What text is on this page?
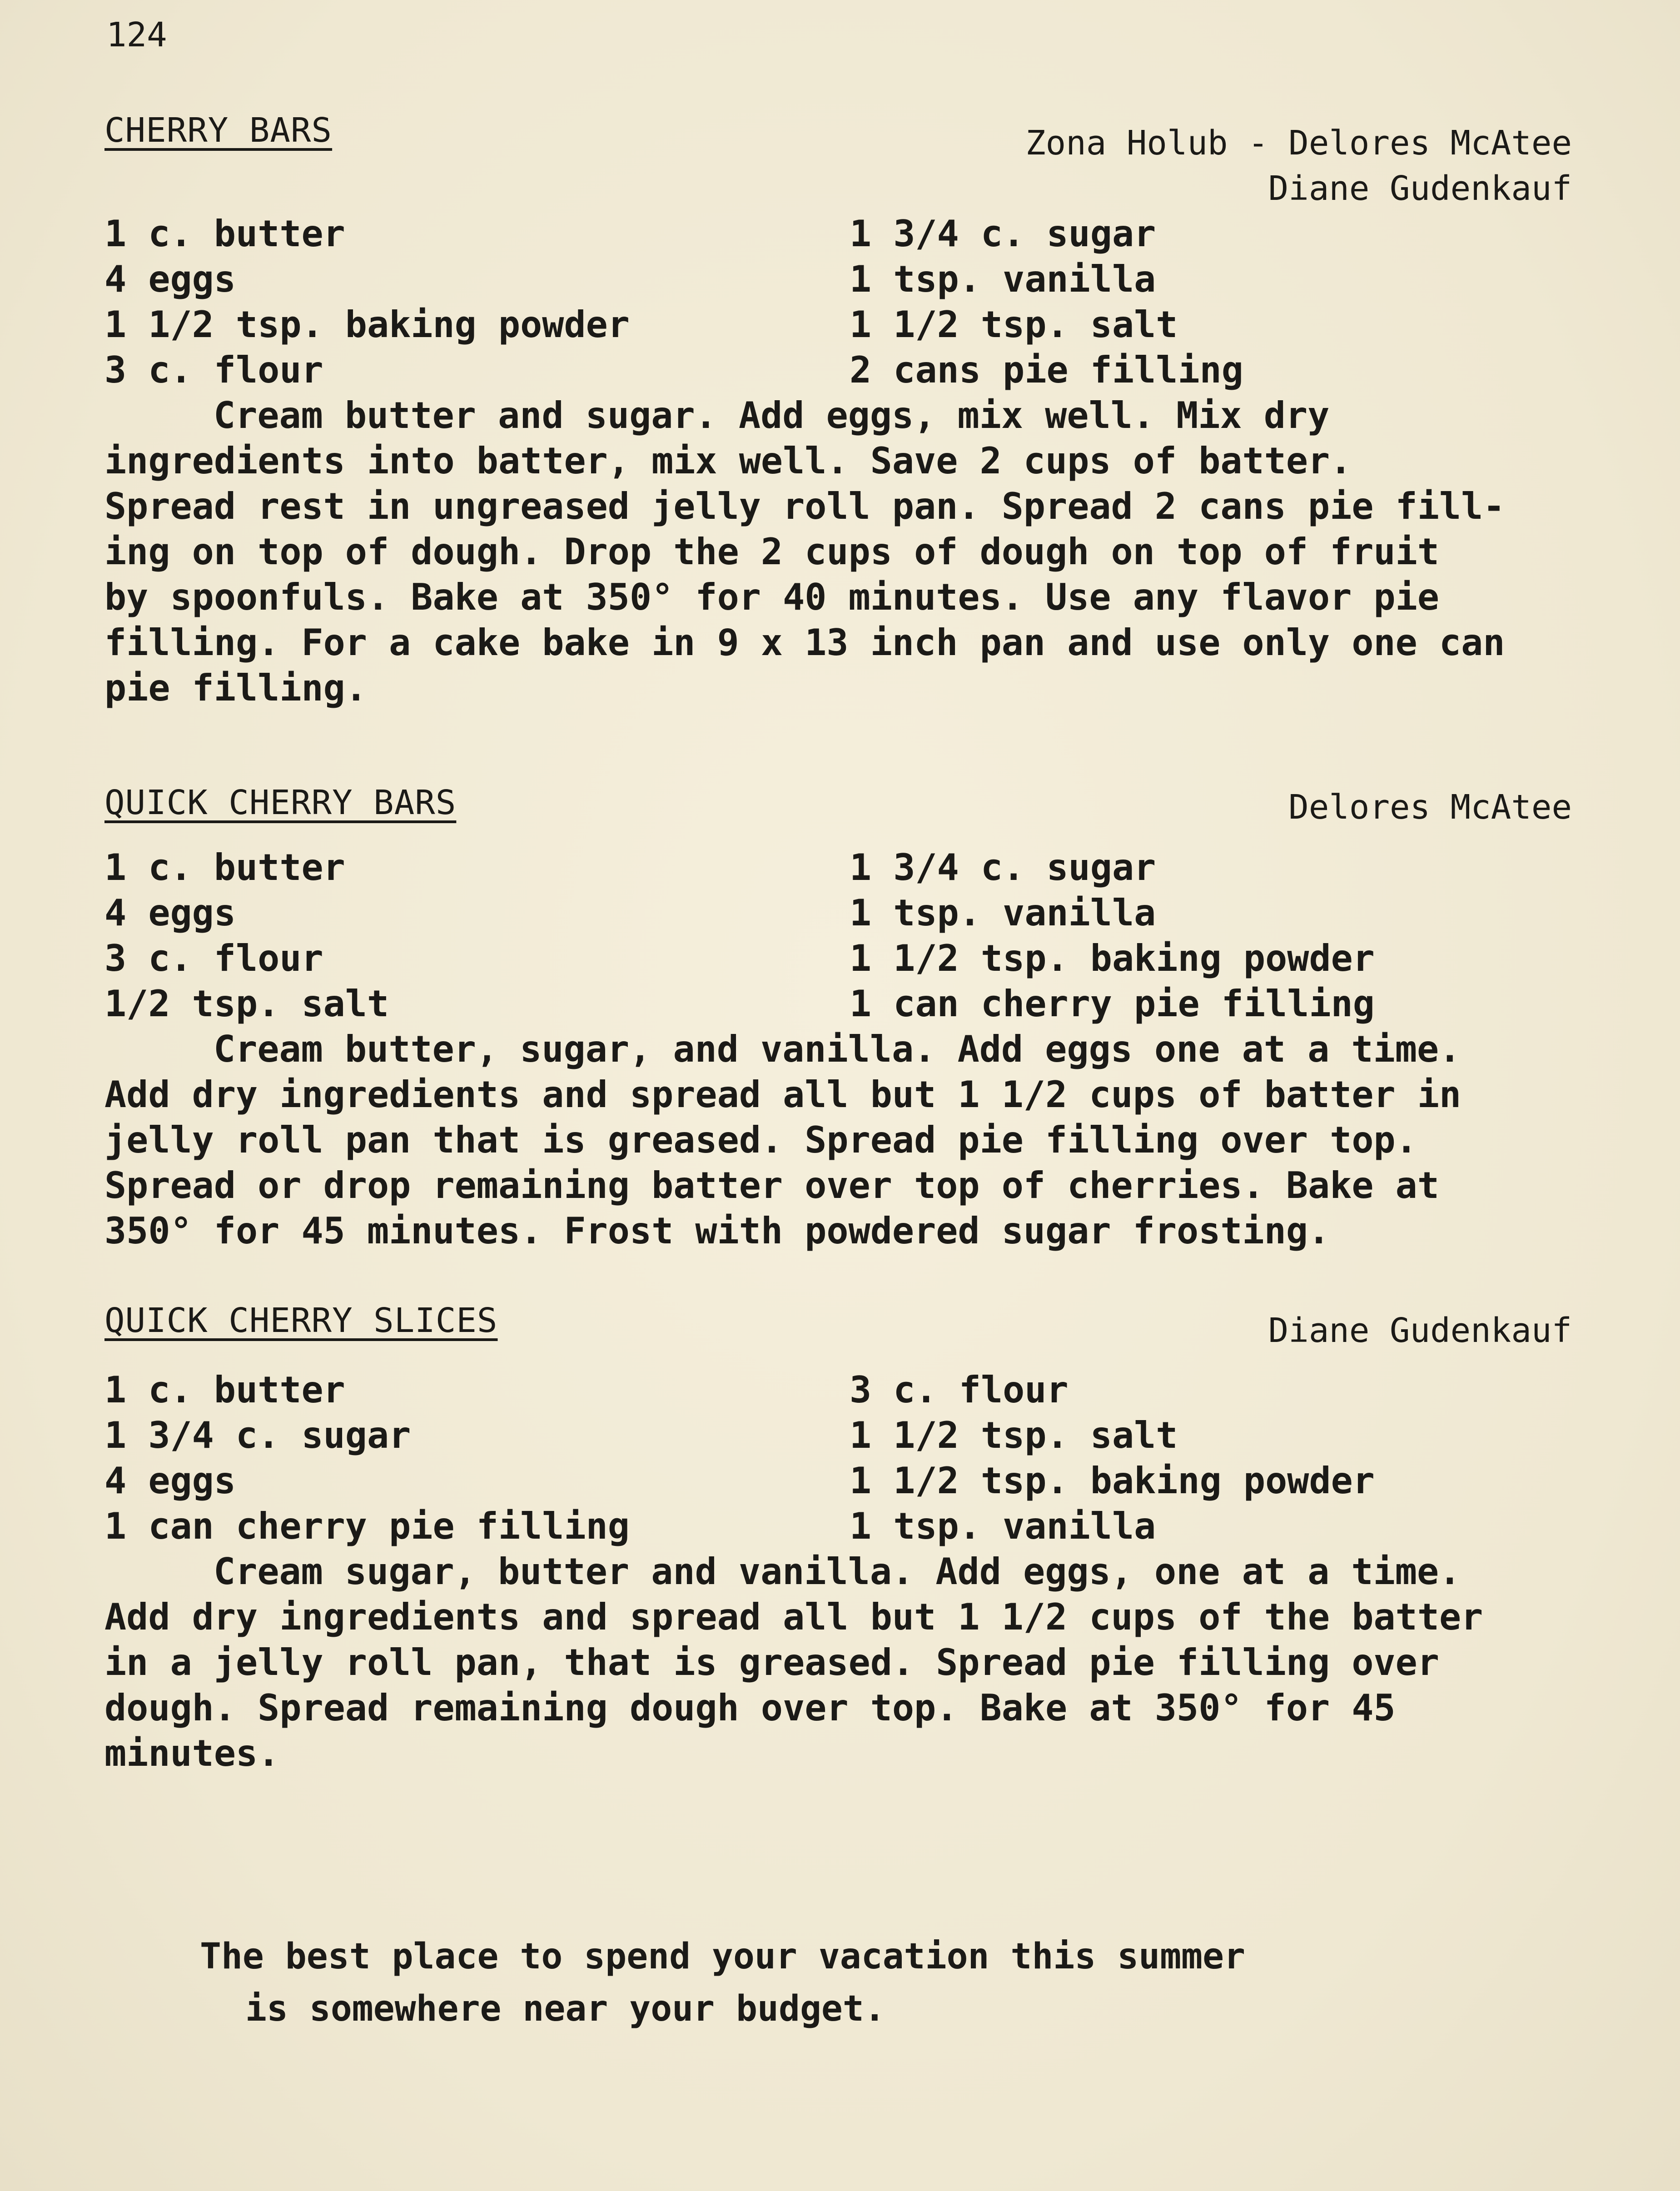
124
CHERRY BARS	Zona Holub - Delores McAtee
Diane Gudenkauf
1 c. butter	1 3/4 c. sugar
4 eggs	1 tsp. vanilla
1 1/2 tsp. baking powder	1 1/2 tsp. salt
3 c. flour	2 cans pie filling
Cream butter and sugar. Add eggs, mix well. Mix dry
ingredients into batter, mix well. Save 2 cups of batter.
Spread rest in ungreased jelly roll pan. Spread 2 cans pie fill-
ing on top of dough. Drop the 2 cups of dough on top of fruit
by spoonfuls. Bake at 350° for 40 minutes. Use any flavor pie
filling. For a cake bake in 9 x 13 inch pan and use only one can
pie filling.
QUICK CHERRY BARS	Delores McAtee
1 c. butter	1 3/4 c. sugar
4 eggs	1 tsp. vanilla
3 c. flour	1 1/2 tsp. baking powder
1/2 tsp. salt	1 can cherry pie filling
Cream butter, sugar, and vanilla. Add eggs one at a time.
Add dry ingredients and spread all but 1 1/2 cups of batter in
jelly roll pan that is greased. Spread pie filling over top.
Spread or drop remaining batter over top of cherries. Bake at
350° for 45 minutes. Frost with powdered sugar frosting.
QUICK CHERRY SLICES	Diane Gudenkauf
1 c. butter	3 c. flour
1 3/4 c. sugar	1 1/2 tsp. salt
4 eggs	1 1/2 tsp. baking powder
1 can cherry pie filling	1 tsp. vanilla
Cream sugar, butter and vanilla. Add eggs, one at a time.
Add dry ingredients and spread all but 1 1/2 cups of the batter
in a jelly roll pan, that is greased. Spread pie filling over
dough. Spread remaining dough over top. Bake at 350° for 45
minutes.
The best place to spend your vacation this summer
is somewhere near your budget.
